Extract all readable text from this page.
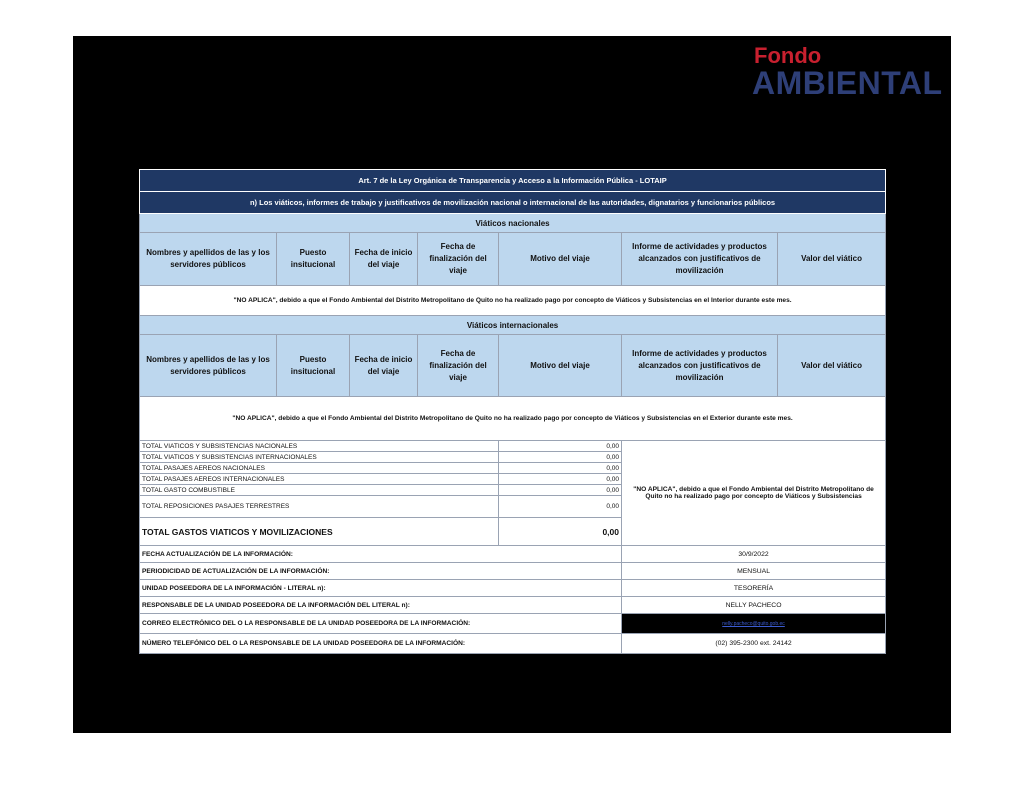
Fondo
AMBIENTAL
Art. 7 de la Ley Orgánica de Transparencia y Acceso a la Información Pública - LOTAIP						
n) Los viáticos, informes de trabajo y justificativos de movilización nacional o internacional de las autoridades, dignatarios y funcionarios públicos						
Viáticos nacionales						
Nombres y apellidos de las y los servidores públicos	Puesto insitucional	Fecha de inicio del viaje	Fecha de finalización del viaje	Motivo del viaje	Informe de actividades y productos alcanzados con justificativos de movilización	Valor del viático
"NO APLICA", debido a que el Fondo Ambiental del Distrito Metropolitano de Quito no ha realizado pago por concepto de Viáticos y Subsistencias en el Interior durante este mes.						
Viáticos internacionales						
Nombres y apellidos de las y los servidores públicos	Puesto insitucional	Fecha de inicio del viaje	Fecha de finalización del viaje	Motivo del viaje	Informe de actividades y productos alcanzados con justificativos de movilización	Valor del viático
"NO APLICA", debido a que el Fondo Ambiental del Distrito Metropolitano de Quito no ha realizado pago por concepto de Viáticos y Subsistencias en el Exterior durante este mes.						
TOTAL VIATICOS Y SUBSISTENCIAS NACIONALES				0,00	"NO APLICA", debido a que el Fondo Ambiental del Distrito Metropolitano de Quito no ha realizado pago por concepto de Viáticos y Subsistencias	
TOTAL VIATICOS Y SUBSISTENCIAS INTERNACIONALES				0,00		
TOTAL PASAJES AEREOS NACIONALES				0,00		
TOTAL PASAJES AEREOS INTERNACIONALES				0,00		
TOTAL GASTO COMBUSTIBLE				0,00		
TOTAL REPOSICIONES PASAJES TERRESTRES				0,00		
TOTAL GASTOS VIATICOS Y MOVILIZACIONES				0,00		
FECHA ACTUALIZACIÓN DE LA INFORMACIÓN:					30/9/2022	
PERIODICIDAD DE ACTUALIZACIÓN DE LA INFORMACIÓN:					MENSUAL	
UNIDAD POSEEDORA DE LA INFORMACIÓN - LITERAL n):					TESORERÍA	
RESPONSABLE DE LA UNIDAD POSEEDORA DE LA INFORMACIÓN DEL LITERAL n):					NELLY PACHECO	
CORREO ELECTRÓNICO DEL O LA RESPONSABLE DE LA UNIDAD POSEEDORA DE LA INFORMACIÓN:					nelly.pacheco@quito.gob.ec	
NÚMERO TELEFÓNICO DEL O LA RESPONSABLE DE LA UNIDAD POSEEDORA DE LA INFORMACIÓN:					(02) 395-2300 ext. 24142	
